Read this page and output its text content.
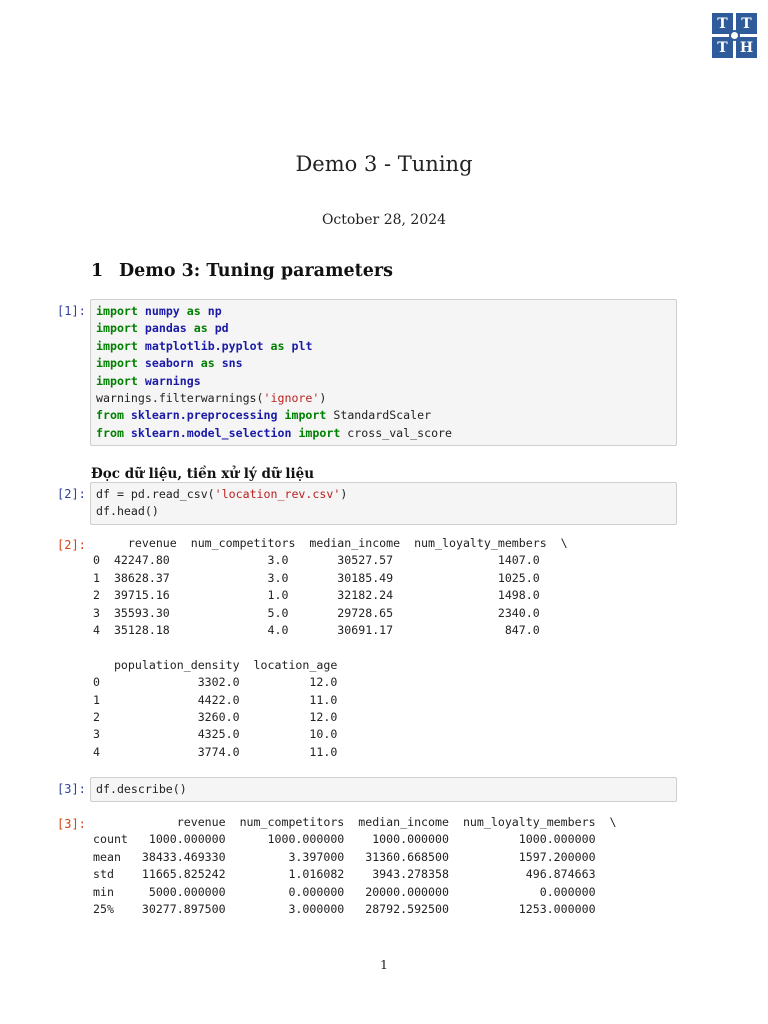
T T
T H
Demo 3 - Tuning
October 28, 2024
1 Demo 3: Tuning parameters
[1]: import numpy as np
import pandas as pd
import matplotlib.pyplot as plt
import seaborn as sns
import warnings
warnings.filterwarnings('ignore')
from sklearn.preprocessing import StandardScaler
from sklearn.model_selection import cross_val_score
Đọc dữ liệu, tiền xử lý dữ liệu
[2]: df = pd.read_csv('location_rev.csv')
df.head()
[2]: revenue  num_competitors  median_income  num_loyalty_members  \
0  42247.80              3.0       30527.57               1407.0
1  38628.37              3.0       30185.49               1025.0
2  39715.16              1.0       32182.24               1498.0
3  35593.30              5.0       29728.65               2340.0
4  35128.18              4.0       30691.17                847.0

population_density  location_age
0              3302.0          12.0
1              4422.0          11.0
2              3260.0          12.0
3              4325.0          10.0
4              3774.0          11.0
[3]: df.describe()
[3]: revenue  num_competitors  median_income  num_loyalty_members  \
count   1000.000000      1000.000000    1000.000000          1000.000000
mean   38433.469330         3.397000   31360.668500          1597.200000
std    11665.825242         1.016082    3943.278358           496.874663
min     5000.000000         0.000000   20000.000000             0.000000
25%    30277.897500         3.000000   28792.592500          1253.000000
1
